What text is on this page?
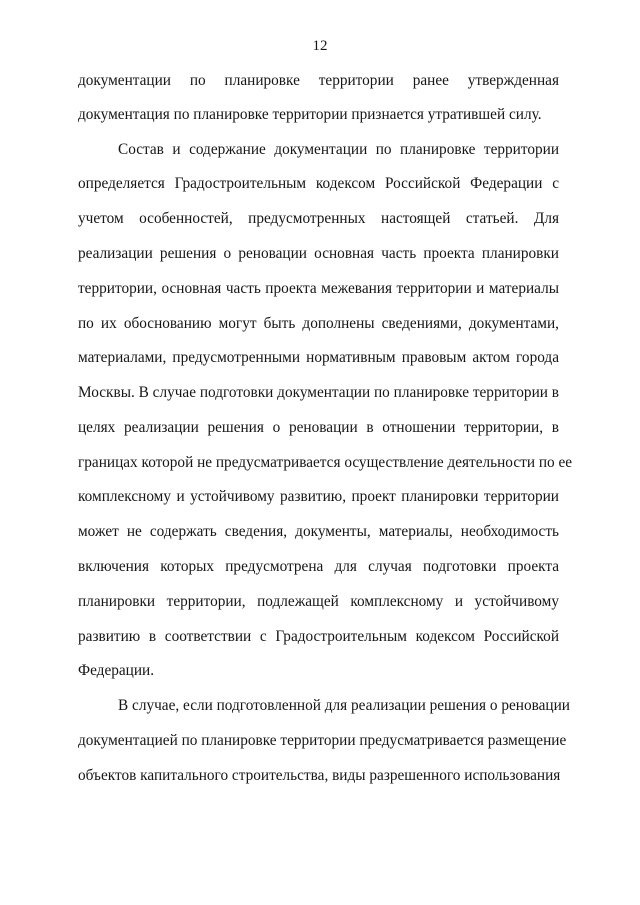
12
документации по планировке территории ранее утвержденная
документация по планировке территории признается утратившей силу.
Состав и содержание документации по планировке территории
определяется Градостроительным кодексом Российской Федерации с
учетом особенностей, предусмотренных настоящей статьей. Для
реализации решения о реновации основная часть проекта планировки
территории, основная часть проекта межевания территории и материалы
по их обоснованию могут быть дополнены сведениями, документами,
материалами, предусмотренными нормативным правовым актом города
Москвы. В случае подготовки документации по планировке территории в
целях реализации решения о реновации в отношении территории, в
границах которой не предусматривается осуществление деятельности по ее
комплексному и устойчивому развитию, проект планировки территории
может не содержать сведения, документы, материалы, необходимость
включения которых предусмотрена для случая подготовки проекта
планировки территории, подлежащей комплексному и устойчивому
развитию в соответствии с Градостроительным кодексом Российской
Федерации.
В случае, если подготовленной для реализации решения о реновации
документацией по планировке территории предусматривается размещение
объектов капитального строительства, виды разрешенного использования
